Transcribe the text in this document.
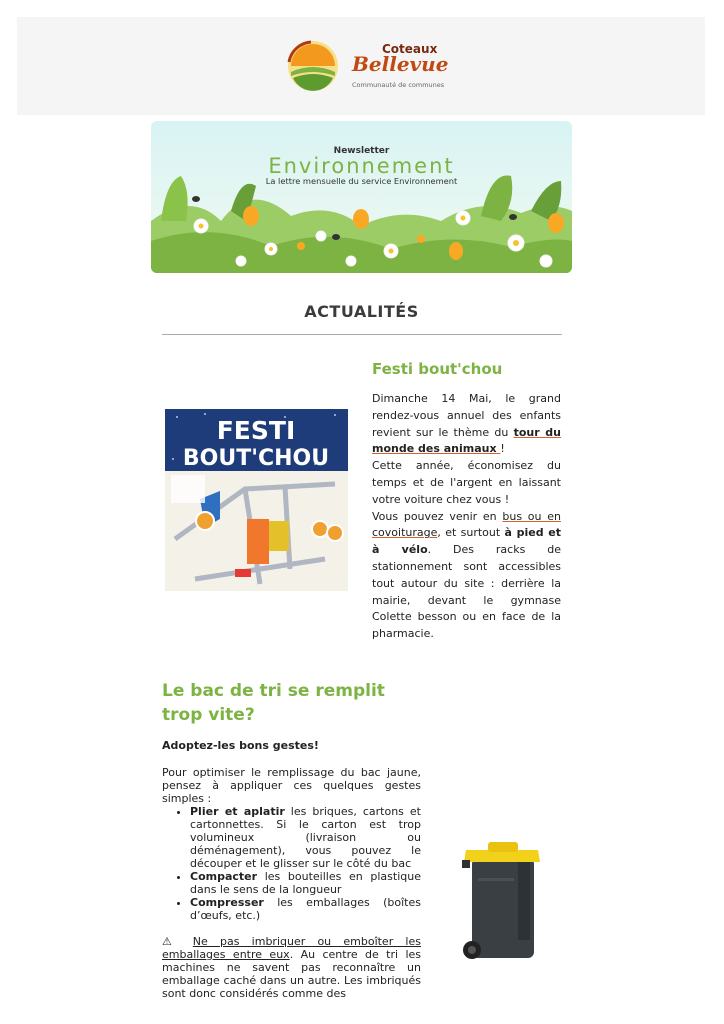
Coteaux
Bellevue
Communauté de communes
Newsletter
Environnement
La lettre mensuelle du service Environnement
ACTUALITÉS
FESTI
BOUT'CHOU
Festi bout'chou

Dimanche 14 Mai, le grand rendez-vous annuel des enfants revient sur le thème du tour du monde des animaux !

Cette année, économisez du temps et de l'argent en laissant votre voiture chez vous !

Vous pouvez venir en bus ou en covoiturage, et surtout à pied et à vélo. Des racks de stationnement sont accessibles tout autour du site : derrière la mairie, devant le gymnase Colette besson ou en face de la pharmacie.

Le bac de tri se remplit trop vite?
Adoptez-les bons gestes!

Pour optimiser le remplissage du bac jaune, pensez à appliquer ces quelques gestes simples :

• Plier et aplatir les briques, cartons et cartonnettes. Si le carton est trop volumineux (livraison ou déménagement), vous pouvez le découper et le glisser sur le côté du bac
• Compacter les bouteilles en plastique dans le sens de la longueur
• Compresser les emballages (boîtes d’œufs, etc.)

⚠ Ne pas imbriquer ou emboîter les emballages entre eux. Au centre de tri les machines ne savent pas reconnaître un emballage caché dans un autre. Les imbriqués sont donc considérés comme des
